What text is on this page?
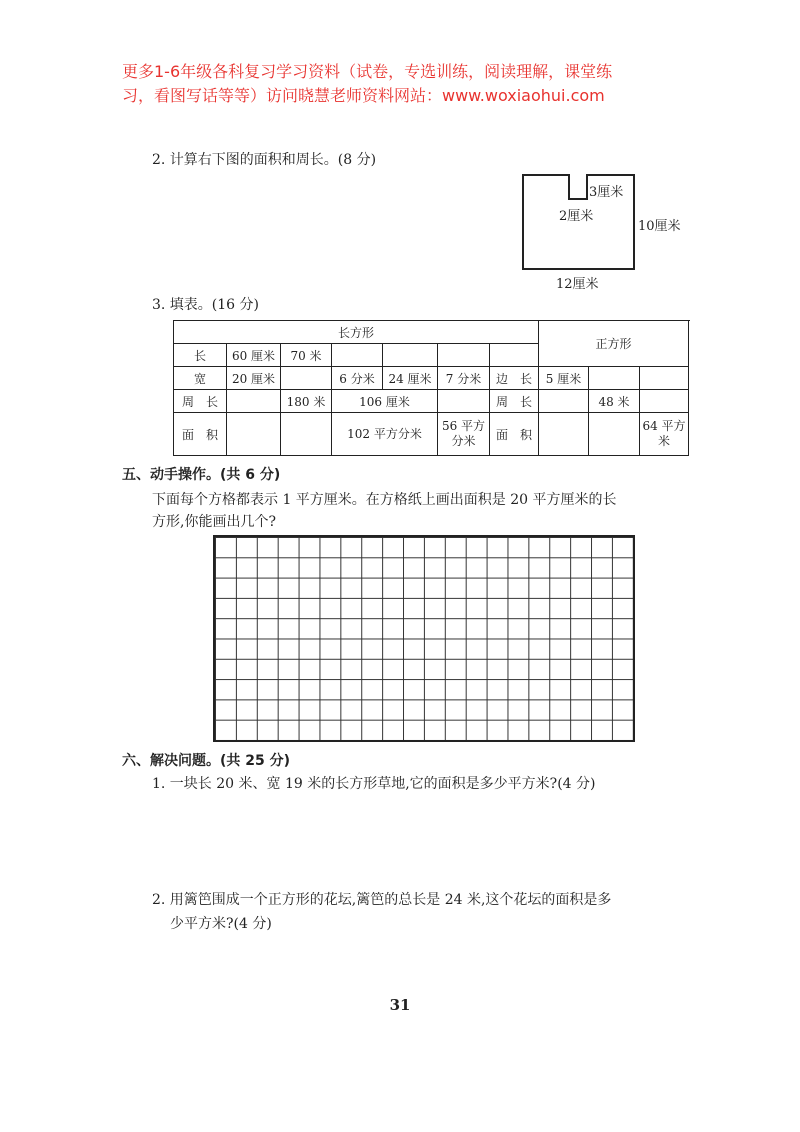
更多1-6年级各科复习学习资料（试卷，专选训练，阅读理解，课堂练
习，看图写话等等）访问晓慧老师资料网站：www.woxiaohui.com
2. 计算右下图的面积和周长。(8 分)
3厘米
2厘米
10厘米
12厘米
3. 填表。(16 分)
长方形							正方形		
长	60 厘米	70 米							
宽	20 厘米		6 分米	24 厘米	7 分米	边　长	5 厘米		
周　长		180 米	106 厘米			周　长		48 米	
面　积			102 平方分米		56 平方分米	面　积			64 平方米
五、动手操作。(共 6 分)
下面每个方格都表示 1 平方厘米。在方格纸上画出面积是 20 平方厘米的长
方形,你能画出几个?
六、解决问题。(共 25 分)
1. 一块长 20 米、宽 19 米的长方形草地,它的面积是多少平方米?(4 分)
2. 用篱笆围成一个正方形的花坛,篱笆的总长是 24 米,这个花坛的面积是多
少平方米?(4 分)
31
